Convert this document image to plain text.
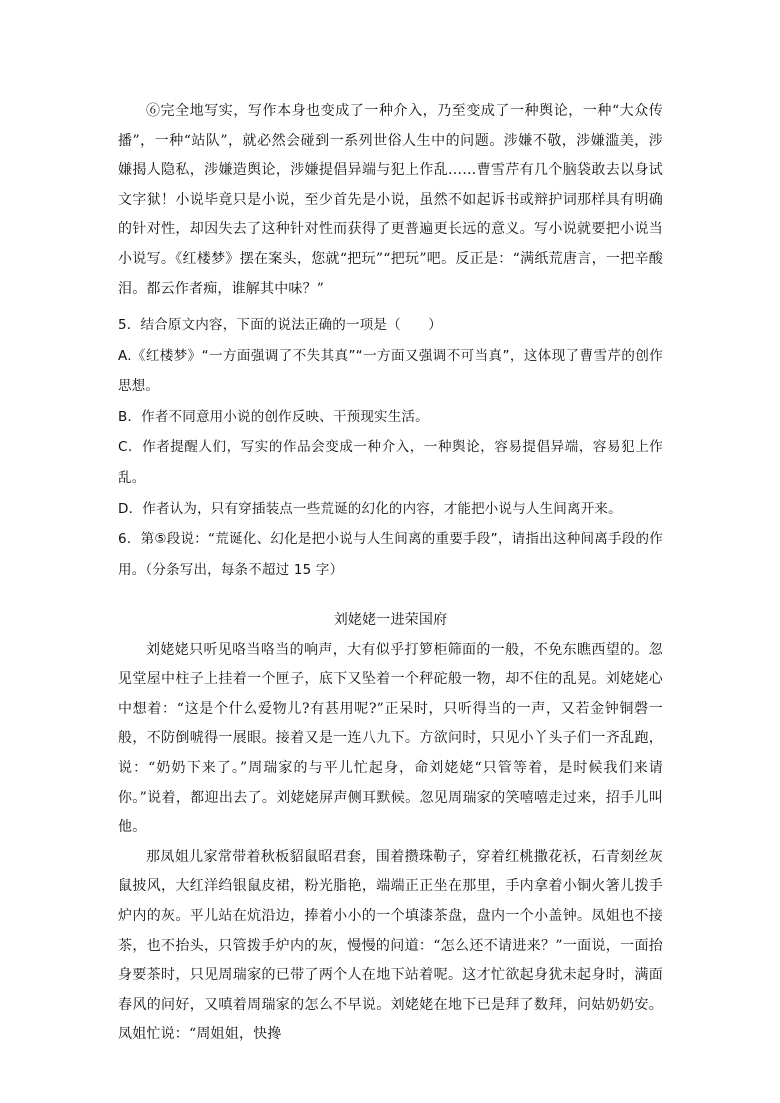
⑥完全地写实，写作本身也变成了一种介入，乃至变成了一种舆论，一种“大众传播”，一种“站队”，就必然会碰到一系列世俗人生中的问题。涉嫌不敬，涉嫌滥美，涉嫌揭人隐私，涉嫌造舆论，涉嫌提倡异端与犯上作乱……曹雪芹有几个脑袋敢去以身试文字狱！小说毕竟只是小说，至少首先是小说，虽然不如起诉书或辩护词那样具有明确的针对性，却因失去了这种针对性而获得了更普遍更长远的意义。写小说就要把小说当小说写。《红楼梦》摆在案头，您就“把玩”“把玩”吧。反正是：“满纸荒唐言，一把辛酸泪。都云作者痴，谁解其中味？”

5．结合原文内容，下面的说法正确的一项是（　　）

A.《红楼梦》“一方面强调了不失其真”“一方面又强调不可当真”，这体现了曹雪芹的创作思想。

B．作者不同意用小说的创作反映、干预现实生活。

C．作者提醒人们，写实的作品会变成一种介入，一种舆论，容易提倡异端，容易犯上作乱。

D．作者认为，只有穿插装点一些荒诞的幻化的内容，才能把小说与人生间离开来。

6．第⑤段说：“荒诞化、幻化是把小说与人生间离的重要手段”，请指出这种间离手段的作用。（分条写出，每条不超过 15 字）

刘姥姥一进荣国府

刘姥姥只听见咯当咯当的响声，大有似乎打箩柜筛面的一般，不免东瞧西望的。忽见堂屋中柱子上挂着一个匣子，底下又坠着一个秤砣般一物，却不住的乱晃。刘姥姥心中想着：“这是个什么爱物儿?有甚用呢?”正呆时，只听得当的一声，又若金钟铜磬一般，不防倒唬得一展眼。接着又是一连八九下。方欲问时，只见小丫头子们一齐乱跑，说：“奶奶下来了。”周瑞家的与平儿忙起身，命刘姥姥“只管等着，是时候我们来请你。”说着，都迎出去了。刘姥姥屏声侧耳默候。忽见周瑞家的笑嘻嘻走过来，招手儿叫他。

那凤姐儿家常带着秋板貂鼠昭君套，围着攒珠勒子，穿着红桃撒花袄，石青刻丝灰鼠披风，大红洋绉银鼠皮裙，粉光脂艳，端端正正坐在那里，手内拿着小铜火箸儿拨手炉内的灰。平儿站在炕沿边，捧着小小的一个填漆茶盘，盘内一个小盖钟。凤姐也不接茶，也不抬头，只管拨手炉内的灰，慢慢的问道：“怎么还不请进来？”一面说，一面抬身要茶时，只见周瑞家的已带了两个人在地下站着呢。这才忙欲起身犹未起身时，满面春风的问好，又嗔着周瑞家的怎么不早说。刘姥姥在地下已是拜了数拜，问姑奶奶安。凤姐忙说：“周姐姐，快搀
